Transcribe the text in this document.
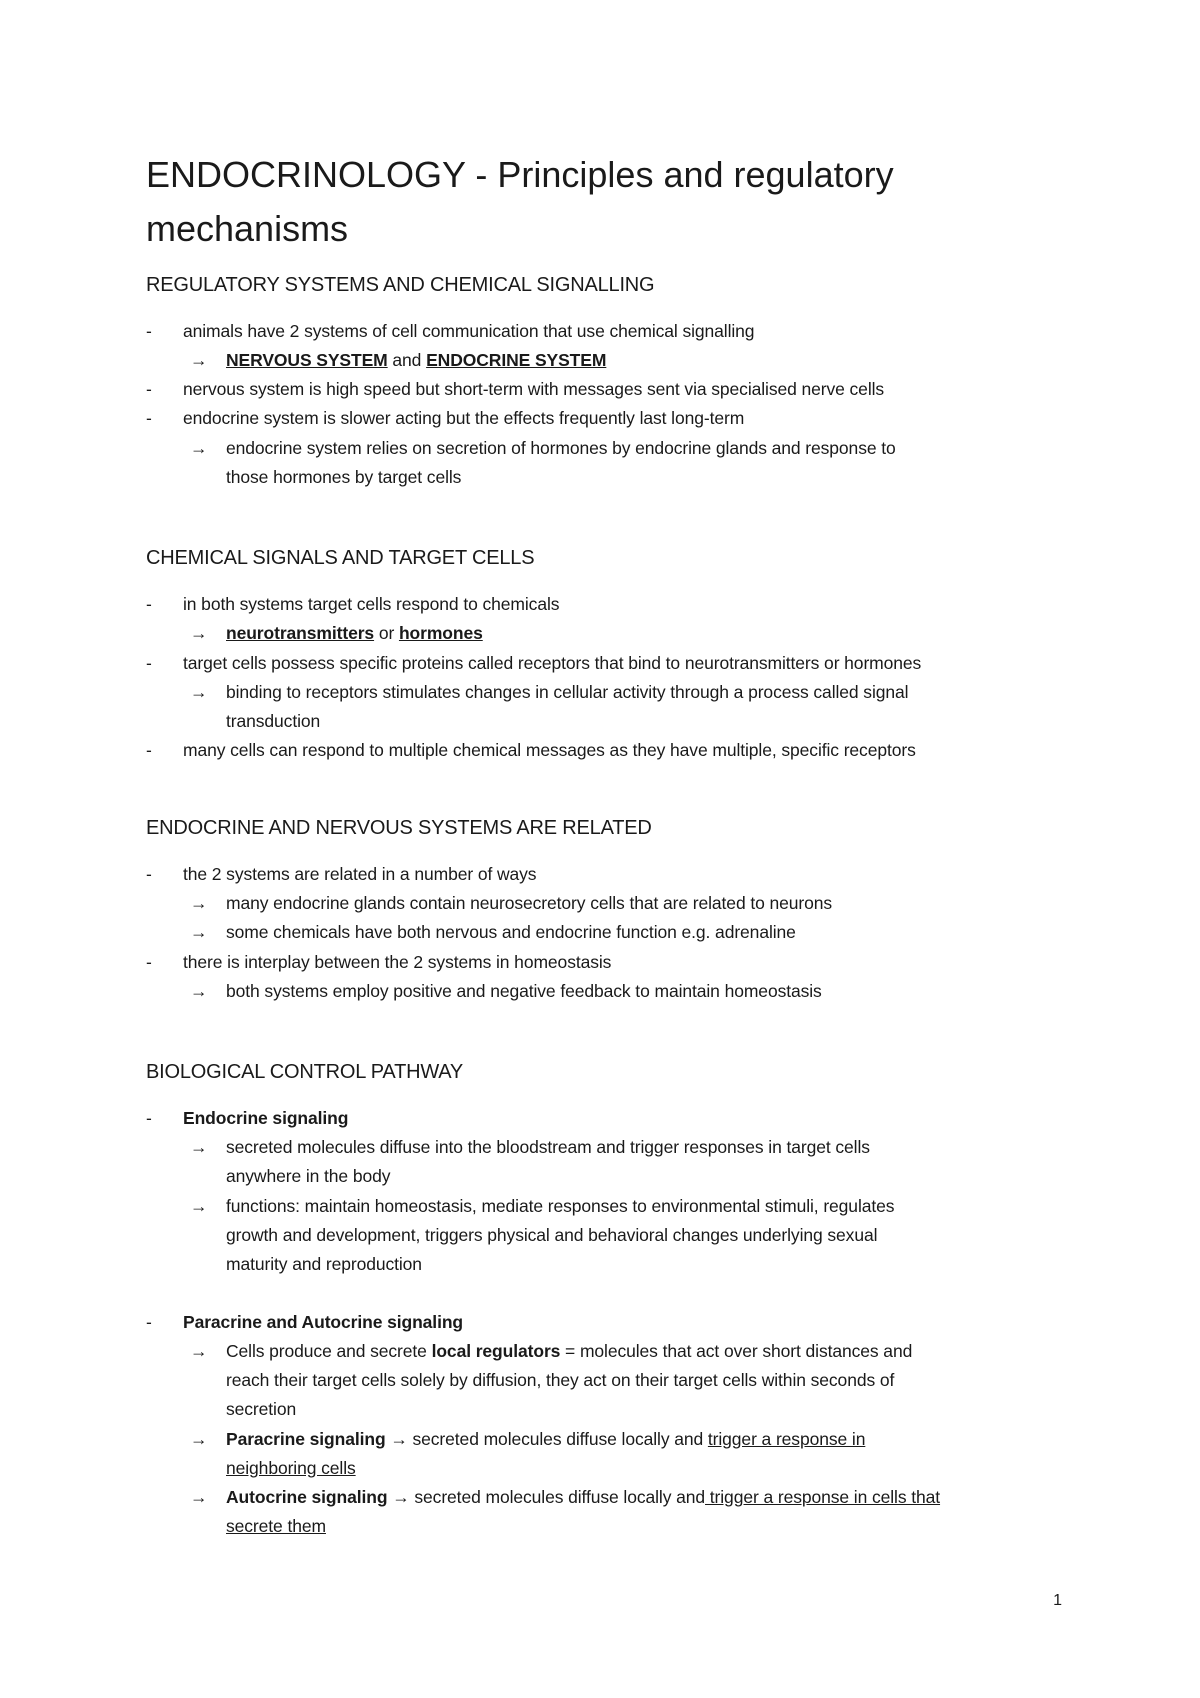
ENDOCRINOLOGY - Principles and regulatory mechanisms
REGULATORY SYSTEMS AND CHEMICAL SIGNALLING
- animals have 2 systems of cell communication that use chemical signalling
→ NERVOUS SYSTEM and ENDOCRINE SYSTEM
- nervous system is high speed but short-term with messages sent via specialised nerve cells
- endocrine system is slower acting but the effects frequently last long-term
→ endocrine system relies on secretion of hormones by endocrine glands and response to
those hormones by target cells
CHEMICAL SIGNALS AND TARGET CELLS
- in both systems target cells respond to chemicals
→ neurotransmitters or hormones
- target cells possess specific proteins called receptors that bind to neurotransmitters or hormones
→ binding to receptors stimulates changes in cellular activity through a process called signal
transduction
- many cells can respond to multiple chemical messages as they have multiple, specific receptors
ENDOCRINE AND NERVOUS SYSTEMS ARE RELATED
- the 2 systems are related in a number of ways
→ many endocrine glands contain neurosecretory cells that are related to neurons
→ some chemicals have both nervous and endocrine function e.g. adrenaline
- there is interplay between the 2 systems in homeostasis
→ both systems employ positive and negative feedback to maintain homeostasis
BIOLOGICAL CONTROL PATHWAY
- Endocrine signaling
→ secreted molecules diffuse into the bloodstream and trigger responses in target cells
anywhere in the body
→ functions: maintain homeostasis, mediate responses to environmental stimuli, regulates
growth and development, triggers physical and behavioral changes underlying sexual
maturity and reproduction
- Paracrine and Autocrine signaling
→ Cells produce and secrete local regulators = molecules that act over short distances and
reach their target cells solely by diffusion, they act on their target cells within seconds of
secretion
→ Paracrine signaling → secreted molecules diffuse locally and trigger a response in
neighboring cells
→ Autocrine signaling → secreted molecules diffuse locally and trigger a response in cells that
secrete them
1
